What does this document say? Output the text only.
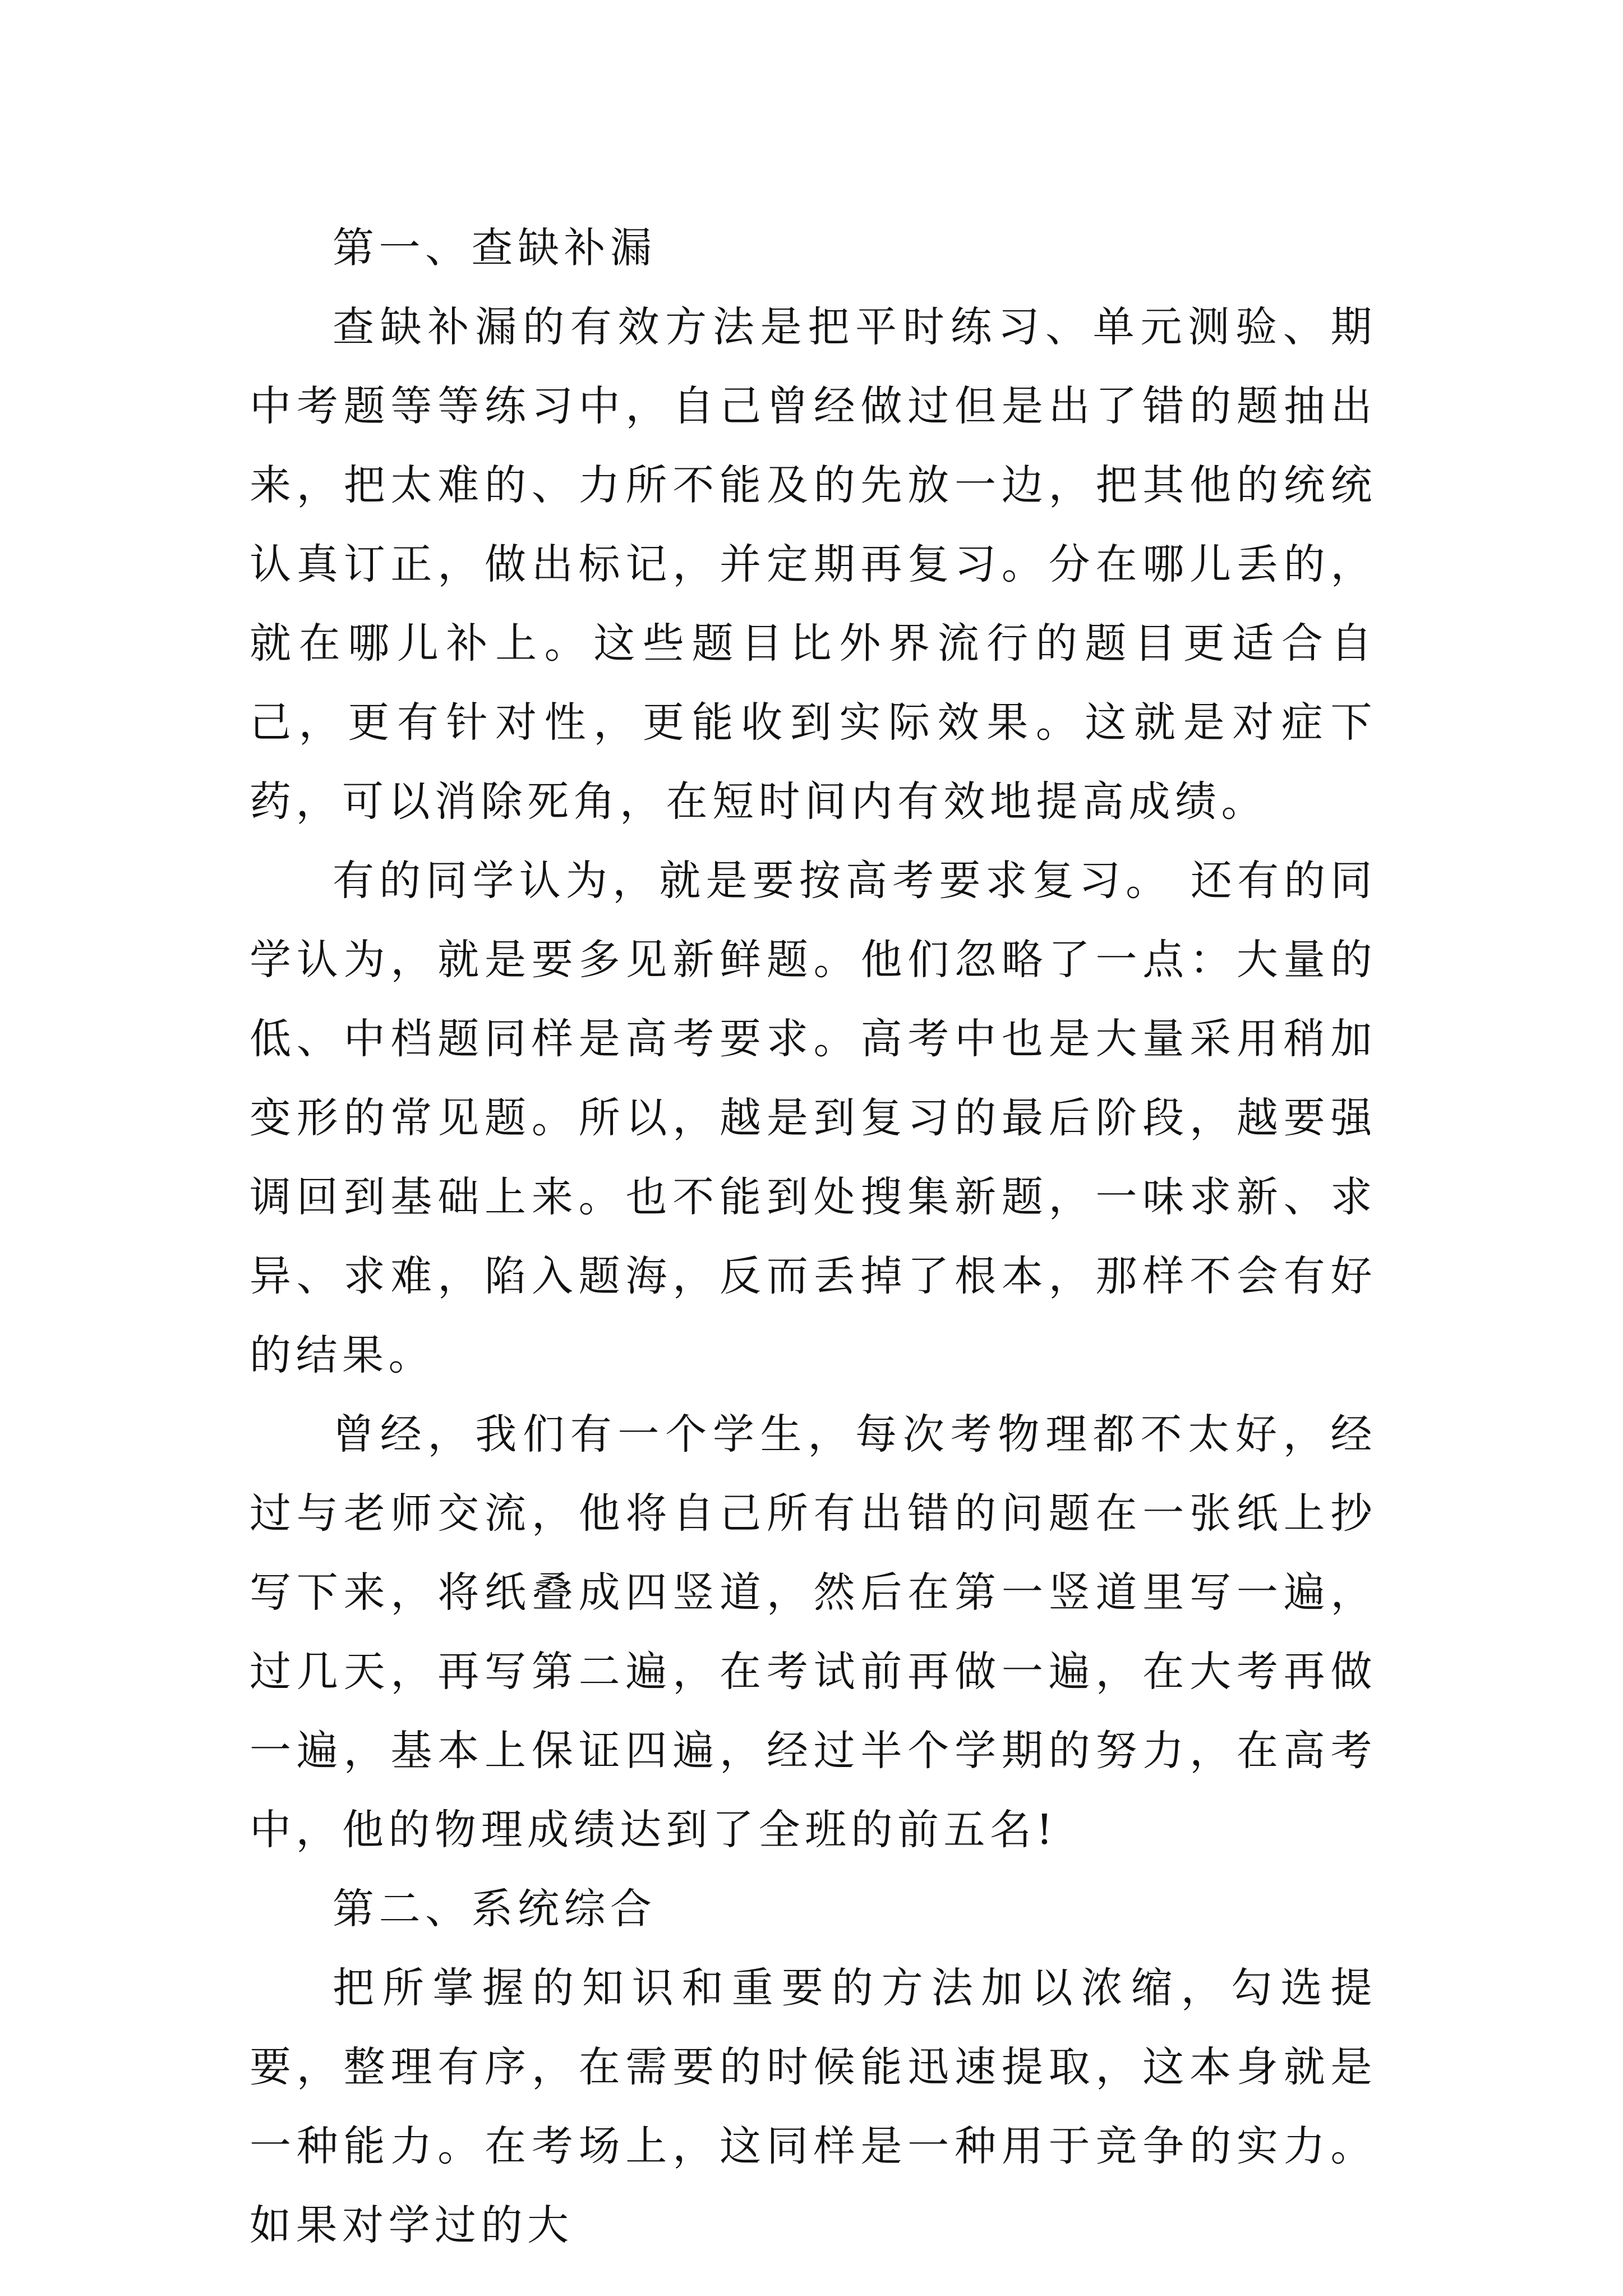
第一、查缺补漏

查缺补漏的有效方法是把平时练习、单元测验、期中考题等等练习中，自己曾经做过但是出了错的题抽出来，把太难的、力所不能及的先放一边，把其他的统统认真订正，做出标记，并定期再复习。分在哪儿丢的，就在哪儿补上。这些题目比外界流行的题目更适合自己，更有针对性，更能收到实际效果。这就是对症下药，可以消除死角，在短时间内有效地提高成绩。

有的同学认为，就是要按高考要求复习。 还有的同学认为，就是要多见新鲜题。他们忽略了一点：大量的低、中档题同样是高考要求。高考中也是大量采用稍加变形的常见题。所以，越是到复习的最后阶段，越要强调回到基础上来。也不能到处搜集新题，一味求新、求异、求难，陷入题海，反而丢掉了根本，那样不会有好的结果。

曾经，我们有一个学生，每次考物理都不太好，经过与老师交流，他将自己所有出错的问题在一张纸上抄写下来，将纸叠成四竖道，然后在第一竖道里写一遍，过几天，再写第二遍，在考试前再做一遍，在大考再做一遍，基本上保证四遍，经过半个学期的努力，在高考中，他的物理成绩达到了全班的前五名!

第二、系统综合

把所掌握的知识和重要的方法加以浓缩，勾选提要，整理有序，在需要的时候能迅速提取，这本身就是一种能力。在考场上，这同样是一种用于竞争的实力。如果对学过的大
